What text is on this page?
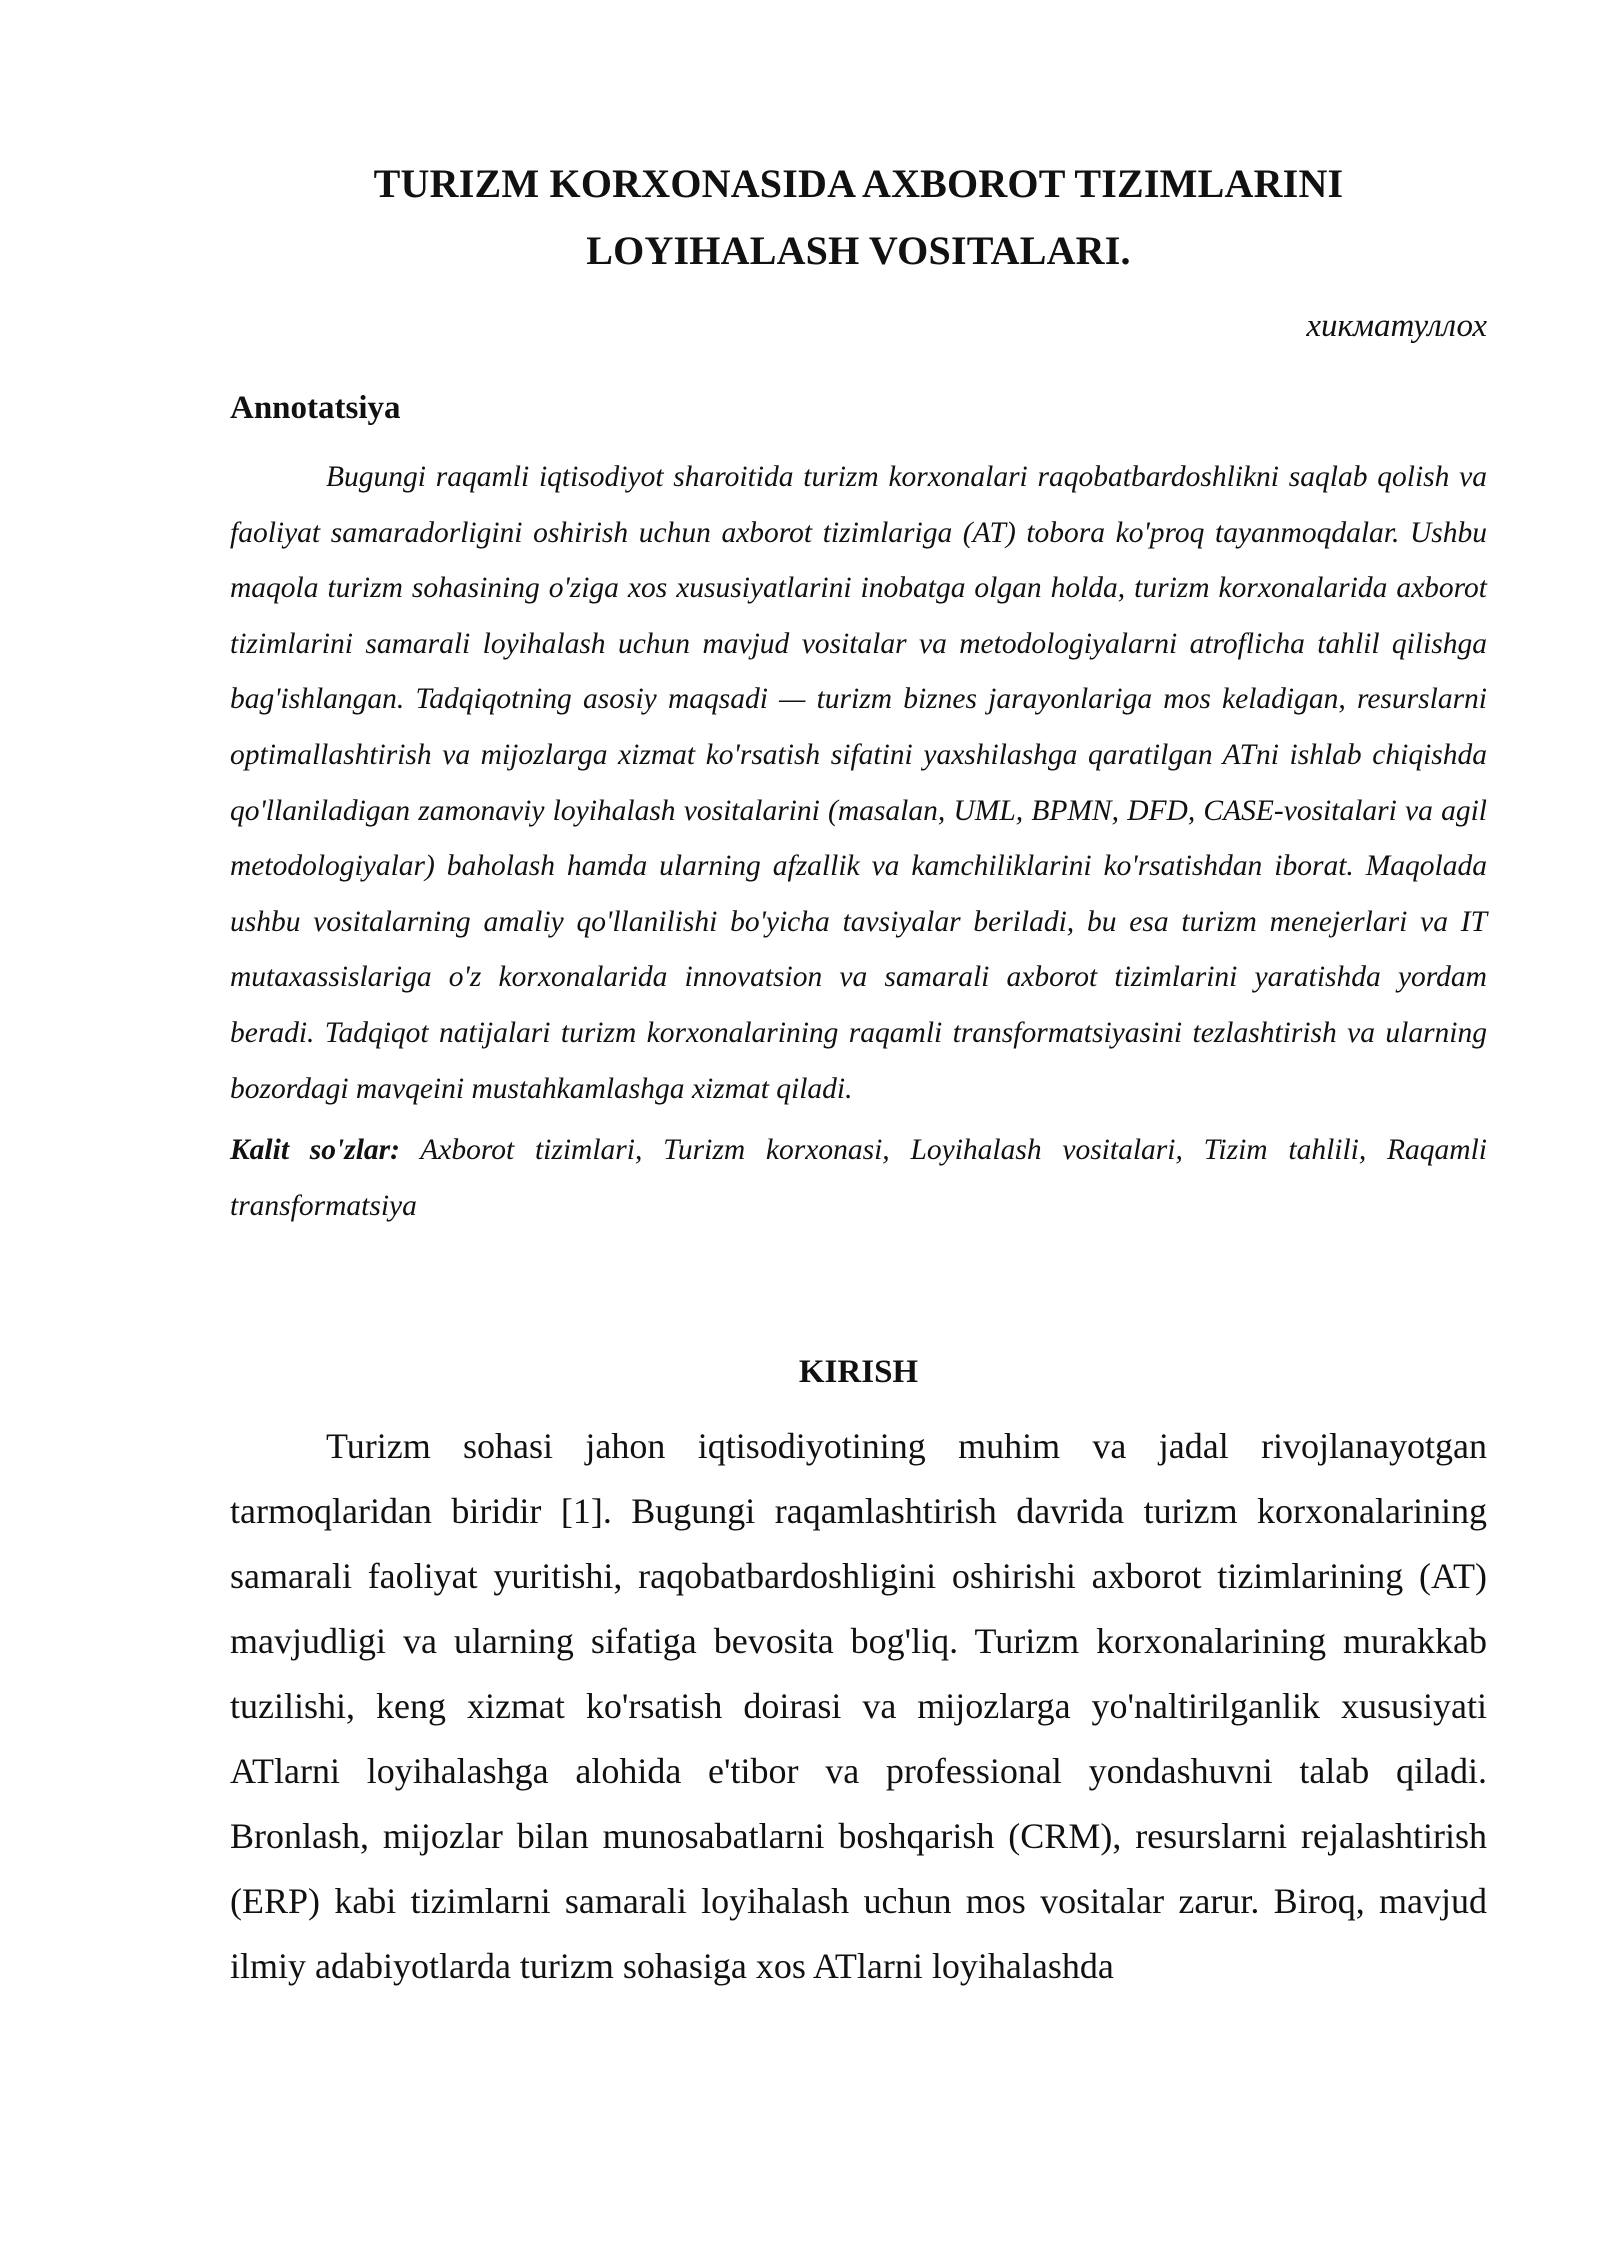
TURIZM KORXONASIDA AXBOROT TIZIMLARINI
LOYIHALASH VOSITALARI.
хикматуллох
Annotatsiya

Bugungi raqamli iqtisodiyot sharoitida turizm korxonalari raqobatbardoshlikni saqlab qolish va faoliyat samaradorligini oshirish uchun axborot tizimlariga (AT) tobora ko'proq tayanmoqdalar. Ushbu maqola turizm sohasining o'ziga xos xususiyatlarini inobatga olgan holda, turizm korxonalarida axborot tizimlarini samarali loyihalash uchun mavjud vositalar va metodologiyalarni atroflicha tahlil qilishga bag'ishlangan. Tadqiqotning asosiy maqsadi — turizm biznes jarayonlariga mos keladigan, resurslarni optimallashtirish va mijozlarga xizmat ko'rsatish sifatini yaxshilashga qaratilgan ATni ishlab chiqishda qo'llaniladigan zamonaviy loyihalash vositalarini (masalan, UML, BPMN, DFD, CASE-vositalari va agil metodologiyalar) baholash hamda ularning afzallik va kamchiliklarini ko'rsatishdan iborat. Maqolada ushbu vositalarning amaliy qo'llanilishi bo'yicha tavsiyalar beriladi, bu esa turizm menejerlari va IT mutaxassislariga o'z korxonalarida innovatsion va samarali axborot tizimlarini yaratishda yordam beradi. Tadqiqot natijalari turizm korxonalarining raqamli transformatsiyasini tezlashtirish va ularning bozordagi mavqeini mustahkamlashga xizmat qiladi.

Kalit so'zlar: Axborot tizimlari, Turizm korxonasi, Loyihalash vositalari, Tizim tahlili, Raqamli transformatsiya

KIRISH

Turizm sohasi jahon iqtisodiyotining muhim va jadal rivojlanayotgan tarmoqlaridan biridir [1]. Bugungi raqamlashtirish davrida turizm korxonalarining samarali faoliyat yuritishi, raqobatbardoshligini oshirishi axborot tizimlarining (AT) mavjudligi va ularning sifatiga bevosita bog'liq. Turizm korxonalarining murakkab tuzilishi, keng xizmat ko'rsatish doirasi va mijozlarga yo'naltirilganlik xususiyati ATlarni loyihalashga alohida e'tibor va professional yondashuvni talab qiladi. Bronlash, mijozlar bilan munosabatlarni boshqarish (CRM), resurslarni rejalashtirish (ERP) kabi tizimlarni samarali loyihalash uchun mos vositalar zarur. Biroq, mavjud ilmiy adabiyotlarda turizm sohasiga xos ATlarni loyihalashda
